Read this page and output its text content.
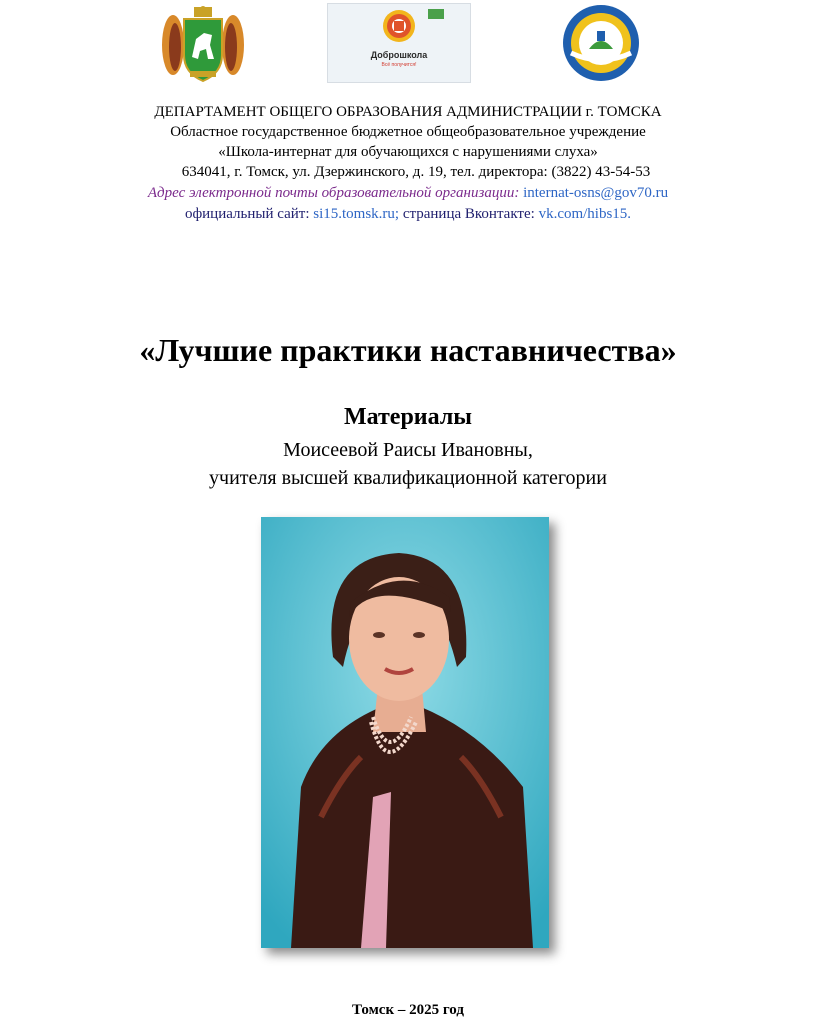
Доброшкола
Всё получится!
ДЕПАРТАМЕНТ ОБЩЕГО ОБРАЗОВАНИЯ АДМИНИСТРАЦИИ г. ТОМСКА
Областное государственное бюджетное общеобразовательное учреждение
«Школа-интернат для обучающихся с нарушениями слуха»
634041, г. Томск, ул. Дзержинского, д. 19, тел. директора: (3822) 43-54-53
Адрес электронной почты образовательной организации: internat-osns@gov70.ru
официальный сайт: si15.tomsk.ru; страница Вконтакте: vk.com/hibs15.
«Лучшие практики наставничества»
Материалы
Моисеевой Раисы Ивановны,
учителя высшей квалификационной категории
Томск – 2025 год
